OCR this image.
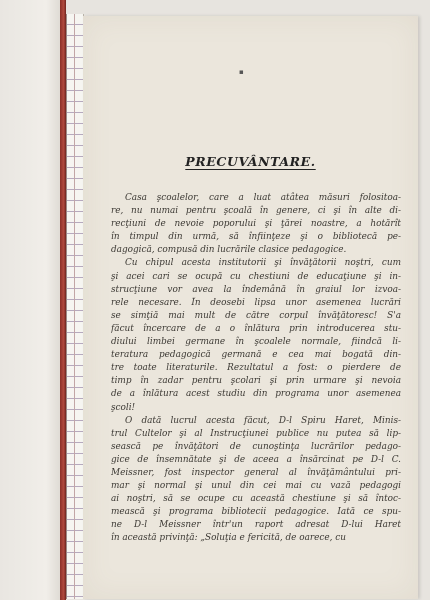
▪
PRECUVÂNTARE.
Casa şcoalelor, care a luat atâtea măsuri folositoa-
re, nu numai pentru şcoală în genere, ci şi în alte di-
recţiuni de nevoie poporului şi ţărei noastre, a hotărît
în timpul din urmă, să înfiinţeze şi o bibliotecă pe-
dagogică, compusă din lucrările clasice pedagogice.
Cu chipul acesta institutorii şi învăţătorii noştri, cum
şi acei cari se ocupă cu chestiuni de educaţiune şi in-
strucţiune vor avea la îndemână în graiul lor izvoa-
rele necesare. În deosebi lipsa unor asemenea lucrări
se simţiă mai mult de către corpul învăţătoresc! S'a
făcut încercare de a o înlătura prin introducerea stu-
diului limbei germane în şcoalele normale, fiindcă li-
teratura pedagogică germană e cea mai bogată din-
tre toate literaturile. Rezultatul a fost: o pierdere de
timp în zadar pentru şcolari şi prin urmare şi nevoia
de a înlătura acest studiu din programa unor asemenea
şcoli!
O dată lucrul acesta făcut, D-l Spiru Haret, Minis-
trul Cultelor şi al Instrucţiunei publice nu putea să lip-
sească pe învăţători de cunoştinţa lucrărilor pedago-
gice de însemnătate şi de aceea a însărcinat pe D-l C.
Meissner, fost inspector general al învăţământului pri-
mar şi normal şi unul din cei mai cu vază pedagogi
ai noştri, să se ocupe cu această chestiune şi să întoc-
mească şi programa bibliotecii pedagogice. Iată ce spu-
ne D-l Meissner într'un raport adresat D-lui Haret
în această privinţă: „Soluţia e fericită, de oarece, cu
